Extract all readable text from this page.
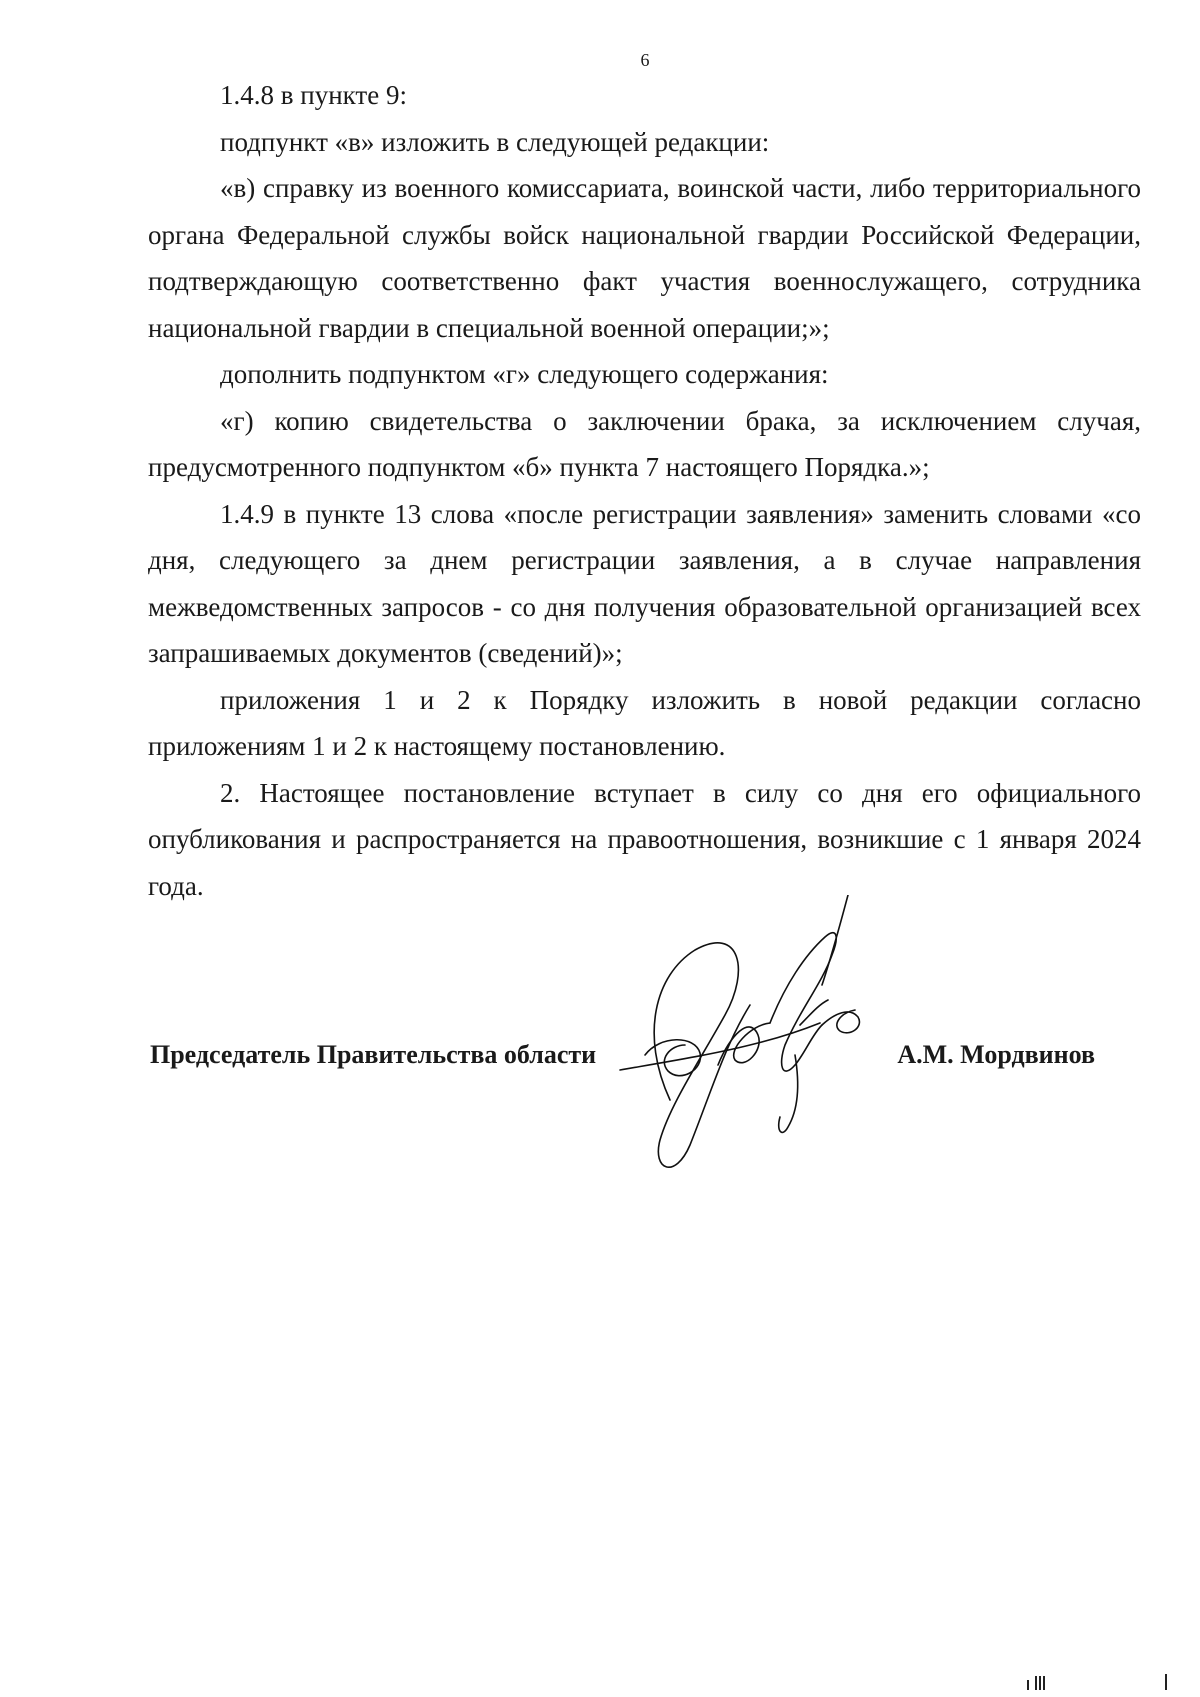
6

1.4.8 в пункте 9:

подпункт «в» изложить в следующей редакции:

«в) справку из военного комиссариата, воинской части, либо территориального органа Федеральной службы войск национальной гвардии Российской Федерации, подтверждающую соответственно факт участия военнослужащего, сотрудника национальной гвардии в специальной военной операции;»;

дополнить подпунктом «г» следующего содержания:

«г) копию свидетельства о заключении брака, за исключением случая, предусмотренного подпунктом «б» пункта 7 настоящего Порядка.»;

1.4.9 в пункте 13 слова «после регистрации заявления» заменить словами «со дня, следующего за днем регистрации заявления, а в случае направления межведомственных запросов - со дня получения образовательной организацией всех запрашиваемых документов (сведений)»;

приложения 1 и 2 к Порядку изложить в новой редакции согласно приложениям 1 и 2 к настоящему постановлению.

2. Настоящее постановление вступает в силу со дня его официального опубликования и распространяется на правоотношения, возникшие с 1 января 2024 года.

Председатель Правительства области	А.М. Мордвинов
